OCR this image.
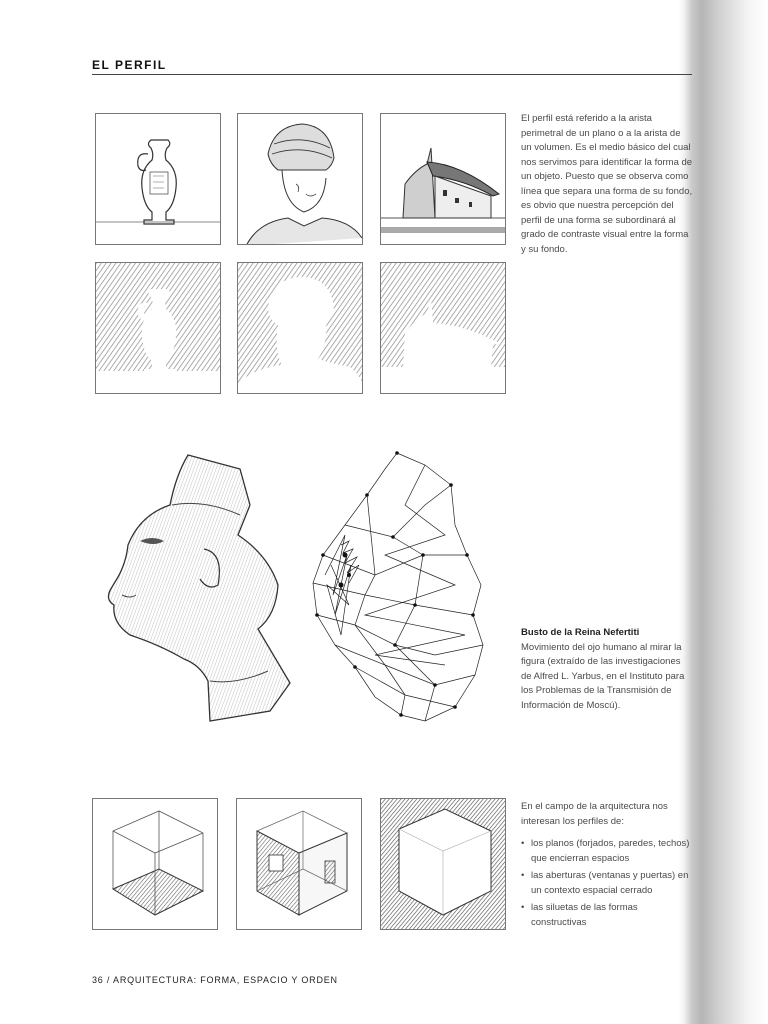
EL PERFIL

El perfil está referido a la arista perimetral de un plano o a la arista de un volumen. Es el medio básico del cual nos servimos para identificar la forma de un objeto. Puesto que se observa como línea que separa una forma de su fondo, es obvio que nuestra percepción del perfil de una forma se subordinará al grado de contraste visual entre la forma y su fondo.

Busto de la Reina Nefertiti

Movimiento del ojo humano al mirar la figura (extraído de las investigaciones de Alfred L. Yarbus, en el Instituto para los Problemas de la Transmisión de Información de Moscú).

En el campo de la arquitectura nos interesan los perfiles de:

• los planos (forjados, paredes, techos) que encierran espacios
• las aberturas (ventanas y puertas) en un contexto espacial cerrado
• las siluetas de las formas constructivas
36 / ARQUITECTURA: FORMA, ESPACIO Y ORDEN
